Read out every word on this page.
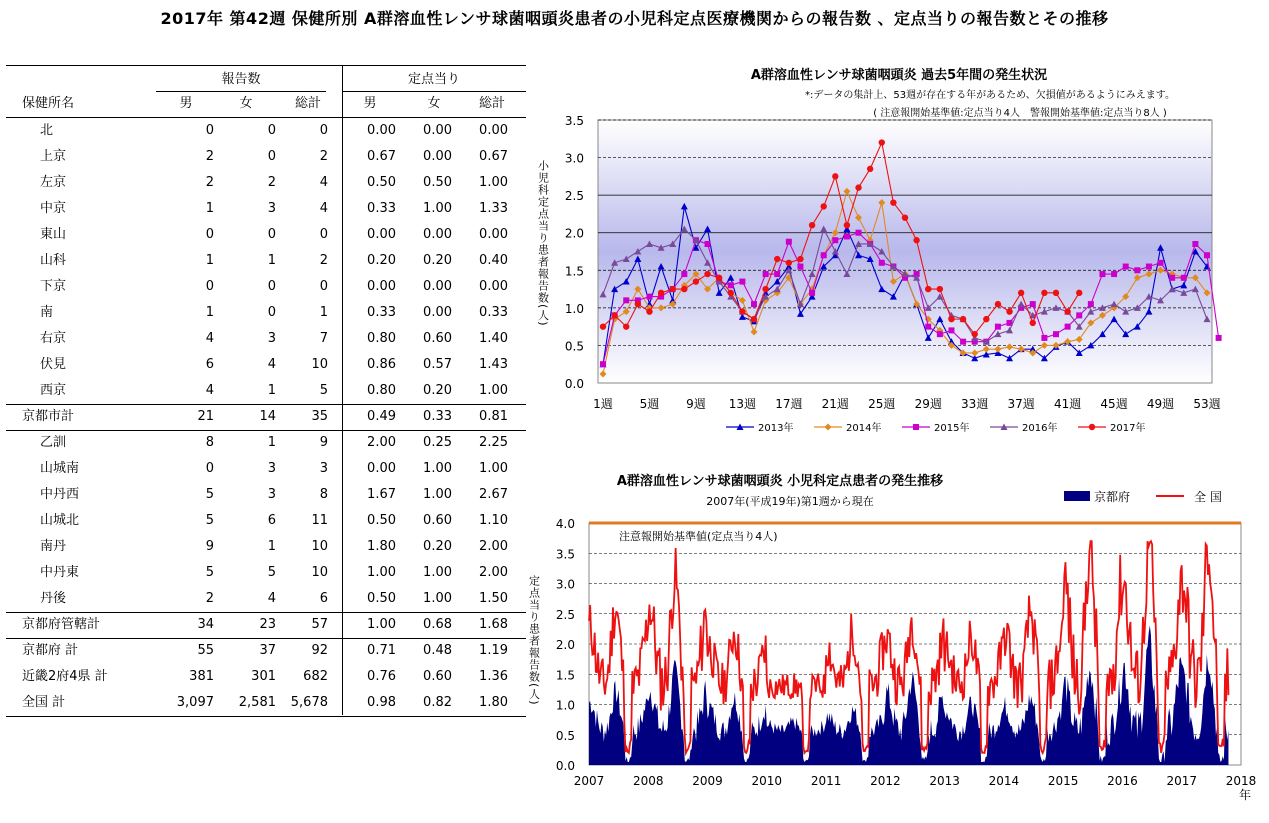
2017年 第42週 保健所別 A群溶血性レンサ球菌咽頭炎患者の小児科定点医療機関からの報告数 、定点当りの報告数とその推移
報告数	定点当り
保健所名	男	女	総計	男	女	総計
北	0	0	0	0.00	0.00	0.00
上京	2	0	2	0.67	0.00	0.67
左京	2	2	4	0.50	0.50	1.00
中京	1	3	4	0.33	1.00	1.33
東山	0	0	0	0.00	0.00	0.00
山科	1	1	2	0.20	0.20	0.40
下京	0	0	0	0.00	0.00	0.00
南	1	0	1	0.33	0.00	0.33
右京	4	3	7	0.80	0.60	1.40
伏見	6	4	10	0.86	0.57	1.43
西京	4	1	5	0.80	0.20	1.00
京都市計	21	14	35	0.49	0.33	0.81
乙訓	8	1	9	2.00	0.25	2.25
山城南	0	3	3	0.00	1.00	1.00
中丹西	5	3	8	1.67	1.00	2.67
山城北	5	6	11	0.50	0.60	1.10
南丹	9	1	10	1.80	0.20	2.00
中丹東	5	5	10	1.00	1.00	2.00
丹後	2	4	6	0.50	1.00	1.50
京都府管轄計	34	23	57	1.00	0.68	1.68
京都府 計	55	37	92	0.71	0.48	1.19
近畿2府4県 計	381	301	682	0.76	0.60	1.36
全国 計	3,097	2,581	5,678	0.98	0.82	1.80
A群溶血性レンサ球菌咽頭炎 過去5年間の発生状況
*:データの集計上、53週が存在する年があるため、欠損値があるようにみえます。
( 注意報開始基準値:定点当り4人　警報開始基準値:定点当り8人 )
0.0
0.5
1.0
1.5
2.0
2.5
3.0
3.5
小児科定点当り患者報告数(人)
1週 5週 9週 13週 17週 21週 25週 29週 33週 37週 41週 45週 49週 53週
2013年	2014年	2015年	2016年	2017年
A群溶血性レンサ球菌咽頭炎 小児科定点患者の発生推移
2007年(平成19年)第1週から現在	京都府	全 国
0.0
0.5
1.0
1.5
2.0
2.5
3.0
3.5
4.0
定点当り患者報告数(人)
2007 2008 2009 2010 2011 2012 2013 2014 2015 2016 2017 2018
年
注意報開始基準値(定点当り4人)
